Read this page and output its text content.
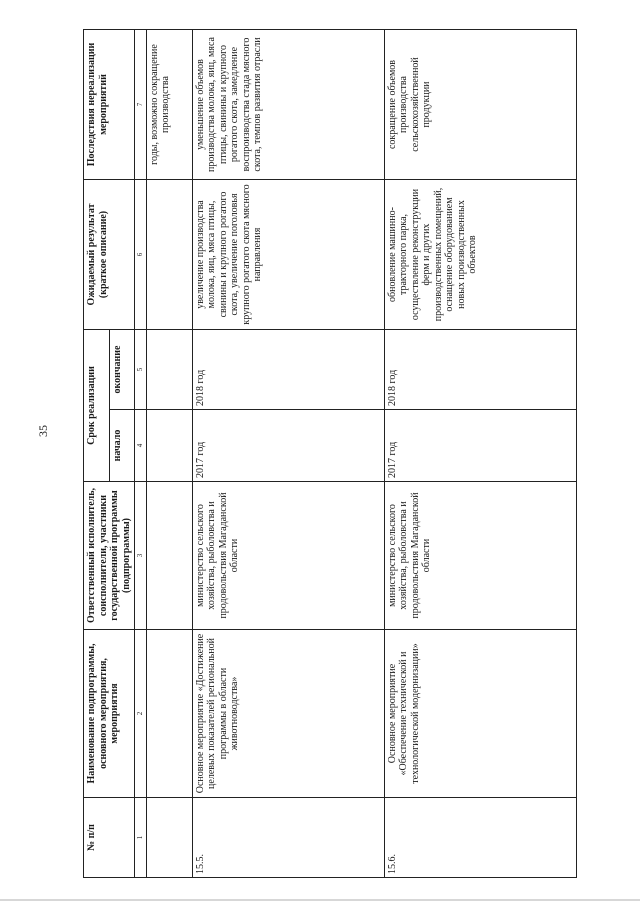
35
№ п/п	Наименование подпрограммы, основного мероприятия, мероприятия	Ответственный исполнитель, соисполнители, участники государственной программы (подпрограммы)	Срок реализации		Ожидаемый результат (краткое описание)	Последствия нереализации мероприятий
			начало	окончание		
1	2	3	4	5	6	7
						годы, возможно сокращение производства
15.5.	Основное мероприятие «Достижение целевых показателей региональной программы в области животноводства»	министерство сельского хозяйства, рыболовства и продовольствия Магаданской области	2017 год	2018 год	увеличение производства молока, яиц, мяса птицы, свинины и крупного рогатого скота, увеличение поголовья крупного рогатого скота мясного направления	уменьшение объемов производства молока, яиц, мяса птицы, свинины и крупного рогатого скота, замедление воспроизводства стада мясного скота, темпов развития отрасли
15.6.	Основное мероприятие «Обеспечение технической и технологической модернизации»	министерство сельского хозяйства, рыболовства и продовольствия Магаданской области	2017 год	2018 год	обновление машинно-тракторного парка, осуществление реконструкции ферм и других производственных помещений, оснащение оборудованием новых производственных объектов	сокращение объемов производства сельскохозяйственной продукции
